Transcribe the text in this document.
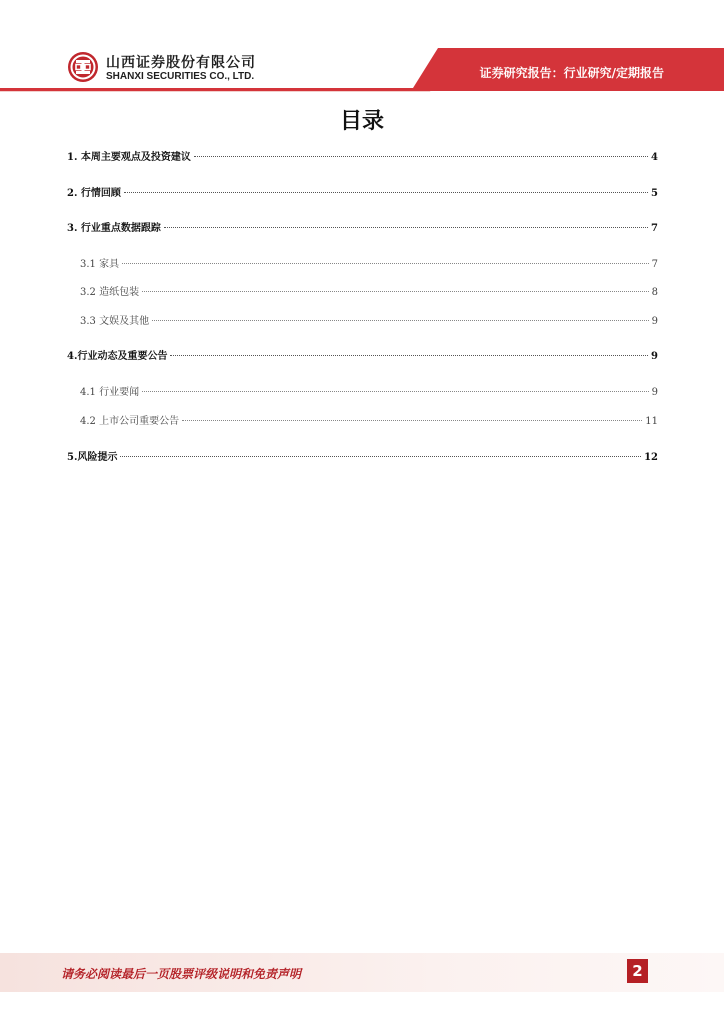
山西证券股份有限公司
SHANXI SECURITIES CO., LTD.	证券研究报告：行业研究/定期报告
目录
1. 本周主要观点及投资建议	4
2. 行情回顾	5
3. 行业重点数据跟踪	7
3.1 家具	7
3.2 造纸包装	8
3.3 文娱及其他	9
4.行业动态及重要公告	9
4.1 行业要闻	9
4.2 上市公司重要公告	11
5.风险提示	12
请务必阅读最后一页股票评级说明和免责声明	2
